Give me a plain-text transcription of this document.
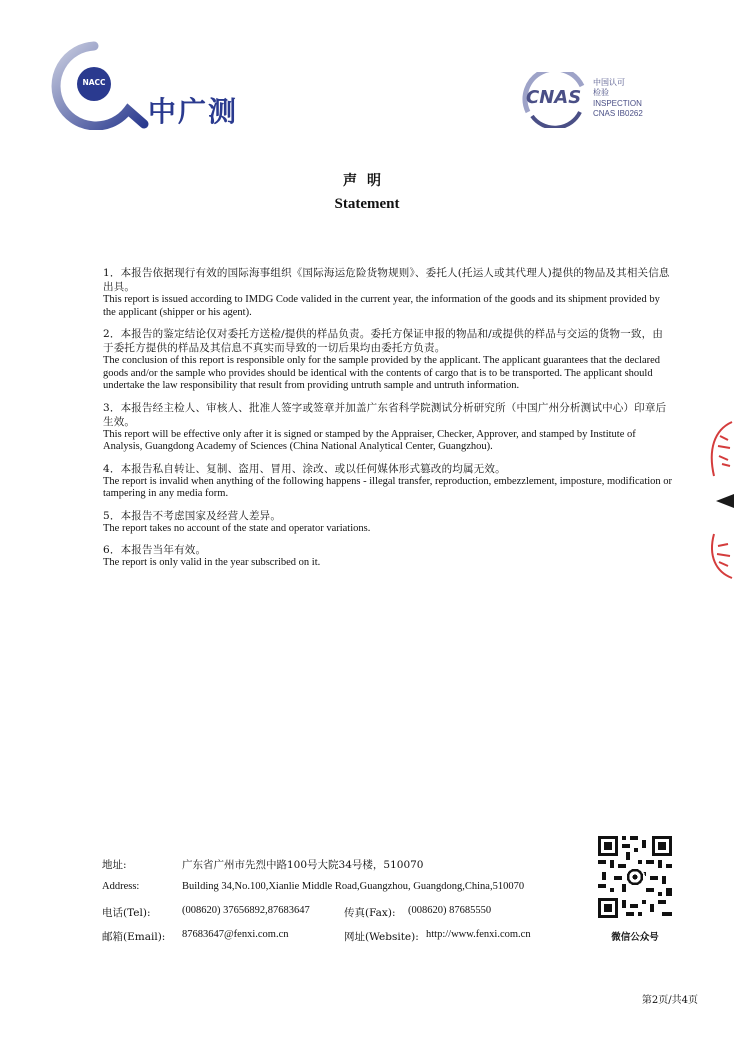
NACC
中广测	CNAS
中国认可
检验
INSPECTION
CNAS IB0262
声明
Statement
1．本报告依据现行有效的国际海事组织《国际海运危险货物规则》、委托人(托运人或其代理人)提供的物品及其相关信息出具。
This report is issued according to IMDG Code valided in the current year, the information of the goods and its shipment provided by the applicant (shipper or his agent).
2．本报告的鉴定结论仅对委托方送检/提供的样品负责。委托方保证申报的物品和/或提供的样品与交运的货物一致，由于委托方提供的样品及其信息不真实而导致的一切后果均由委托方负责。
The conclusion of this report is responsible only for the sample provided by the applicant. The applicant guarantees that the declared goods and/or the sample who provides should be identical with the contents of cargo that is to be transported. The applicant should undertake the law responsibility that result from providing untruth sample and untruth information.
3．本报告经主检人、审核人、批准人签字或签章并加盖广东省科学院测试分析研究所（中国广州分析测试中心）印章后生效。
This report will be effective only after it is signed or stamped by the Appraiser, Checker, Approver, and stamped by Institute of Analysis, Guangdong Academy of Sciences (China National Analytical Center, Guangzhou).
4．本报告私自转让、复制、盗用、冒用、涂改、或以任何媒体形式篡改的均属无效。
The report is invalid when anything of the following happens - illegal transfer, reproduction, embezzlement, imposture, modification or tampering in any media form.
5．本报告不考虑国家及经营人差异。
The report takes no account of the state and operator variations.
6．本报告当年有效。
The report is only valid in the year subscribed on it.
地址:	广东省广州市先烈中路100号大院34号楼，510070
Address:	Building 34,No.100,Xianlie Middle Road,Guangzhou, Guangdong,China,510070
电话(Tel):	(008620) 37656892,87683647	传真(Fax): (008620) 87685550
邮箱(Email): 87683647@fenxi.com.cn	网址(Website): http://www.fenxi.com.cn	微信公众号
第2页/共4页
